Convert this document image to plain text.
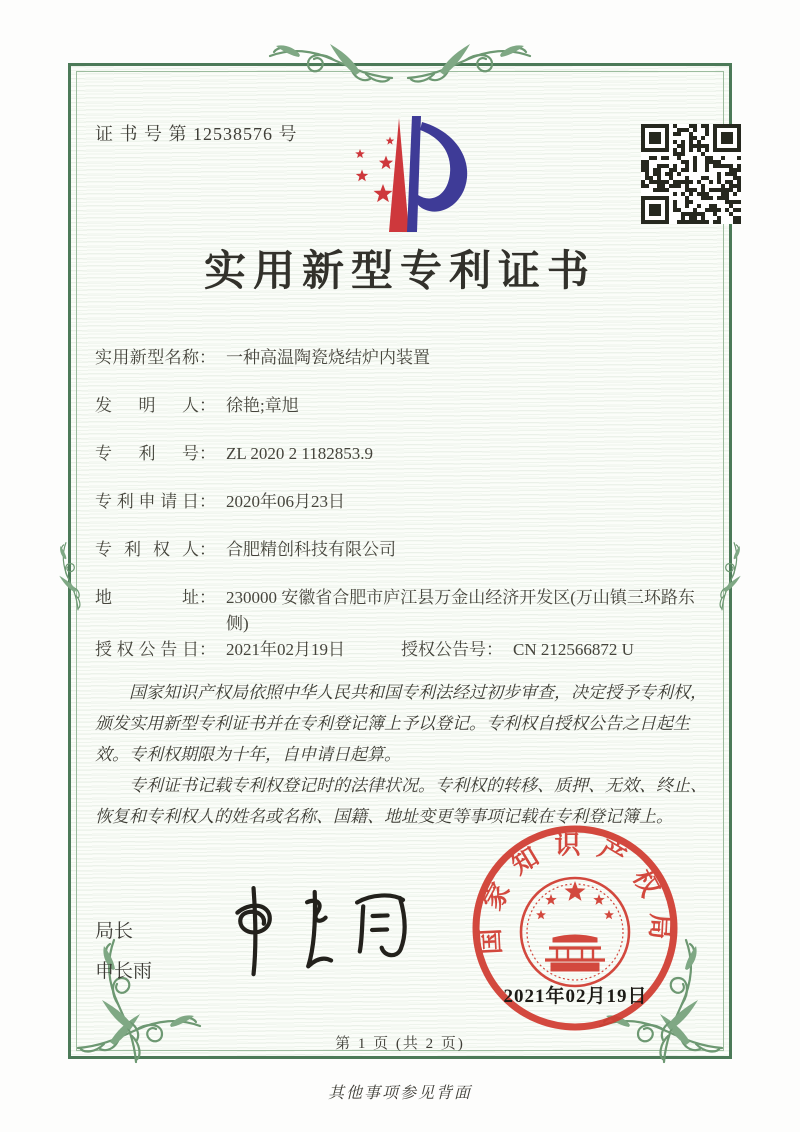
证 书 号 第 12538576 号
实用新型专利证书
实用新型名称 ： 一种高温陶瓷烧结炉内装置
发明人 ： 徐艳;章旭
专利号 ： ZL 2020 2 1182853.9
专利申请日 ： 2020年06月23日
专利权人 ： 合肥精创科技有限公司
地址 ： 230000 安徽省合肥市庐江县万金山经济开发区(万山镇三环路东侧)
授权公告日 ： 2021年02月19日	授权公告号 ： CN 212566872 U

国家知识产权局依照中华人民共和国专利法经过初步审查，决定授予专利权，颁发实用新型专利证书并在专利登记簿上予以登记。专利权自授权公告之日起生效。专利权期限为十年，自申请日起算。

专利证书记载专利权登记时的法律状况。专利权的转移、质押、无效、终止、恢复和专利权人的姓名或名称、国籍、地址变更等事项记载在专利登记簿上。

局长
申长雨
国家知识产权局
2021年02月19日
第 1 页 (共 2 页)
其他事项参见背面
